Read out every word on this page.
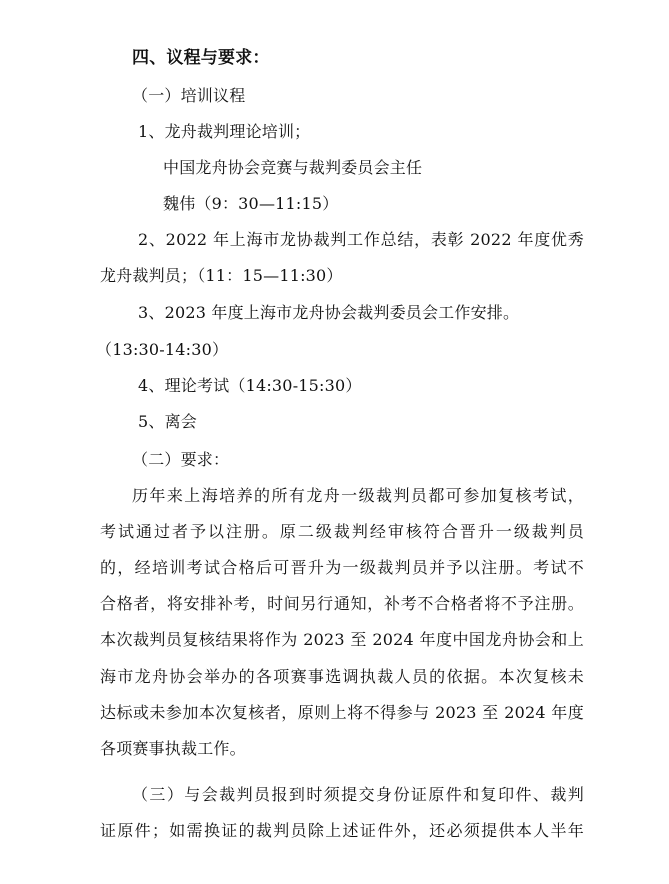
四、议程与要求：
（一）培训议程
1、龙舟裁判理论培训；
中国龙舟协会竞赛与裁判委员会主任
魏伟（9：30—11:15）
2、2022 年上海市龙协裁判工作总结，表彰 2022 年度优秀
龙舟裁判员；（11：15—11:30）
3、2023 年度上海市龙舟协会裁判委员会工作安排。
（13:30-14:30）
4、理论考试（14:30-15:30）
5、离会
（二）要求：
历年来上海培养的所有龙舟一级裁判员都可参加复核考试，
考试通过者予以注册。原二级裁判经审核符合晋升一级裁判员
的，经培训考试合格后可晋升为一级裁判员并予以注册。考试不
合格者，将安排补考，时间另行通知，补考不合格者将不予注册。
本次裁判员复核结果将作为 2023 至 2024 年度中国龙舟协会和上
海市龙舟协会举办的各项赛事选调执裁人员的依据。本次复核未
达标或未参加本次复核者，原则上将不得参与 2023 至 2024 年度
各项赛事执裁工作。
（三）与会裁判员报到时须提交身份证原件和复印件、裁判
证原件；如需换证的裁判员除上述证件外，还必须提供本人半年
